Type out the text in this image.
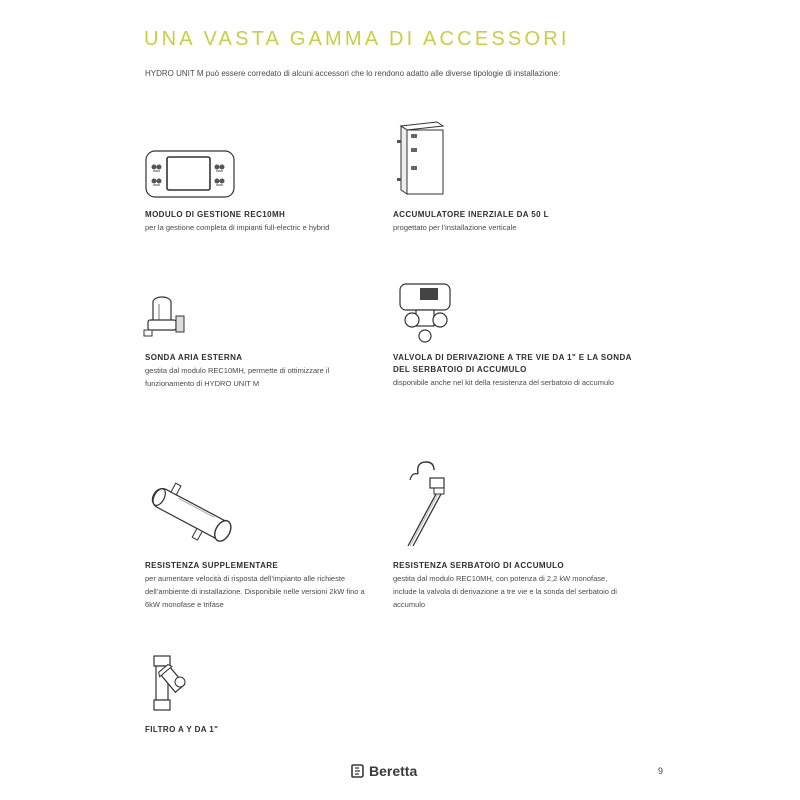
UNA VASTA GAMMA DI ACCESSORI
HYDRO UNIT M può essere corredato di alcuni accessori che lo rendono adatto alle diverse tipologie di installazione:
MODULO DI GESTIONE REC10MH
per la gestione completa di impianti full-electric e hybrid
ACCUMULATORE INERZIALE DA 50 L
progettato per l’installazione verticale
SONDA ARIA ESTERNA
gestita dal modulo REC10MH, permette di ottimizzare il funzionamento di HYDRO UNIT M
VALVOLA DI DERIVAZIONE A TRE VIE DA 1" E LA SONDA DEL SERBATOIO DI ACCUMULO
disponibile anche nel kit della resistenza del serbatoio di accumulo
RESISTENZA SUPPLEMENTARE
per aumentare velocità di risposta dell’impianto alle richieste dell’ambiente di installazione. Disponibile nelle versioni 2kW fino a 6kW monofase e trifase
RESISTENZA SERBATOIO DI ACCUMULO
gestita dal modulo REC10MH, con potenza di 2,2 kW monofase, include la valvola di derivazione a tre vie e la sonda del serbatoio di accumulo
FILTRO A Y DA 1"
Beretta	9
